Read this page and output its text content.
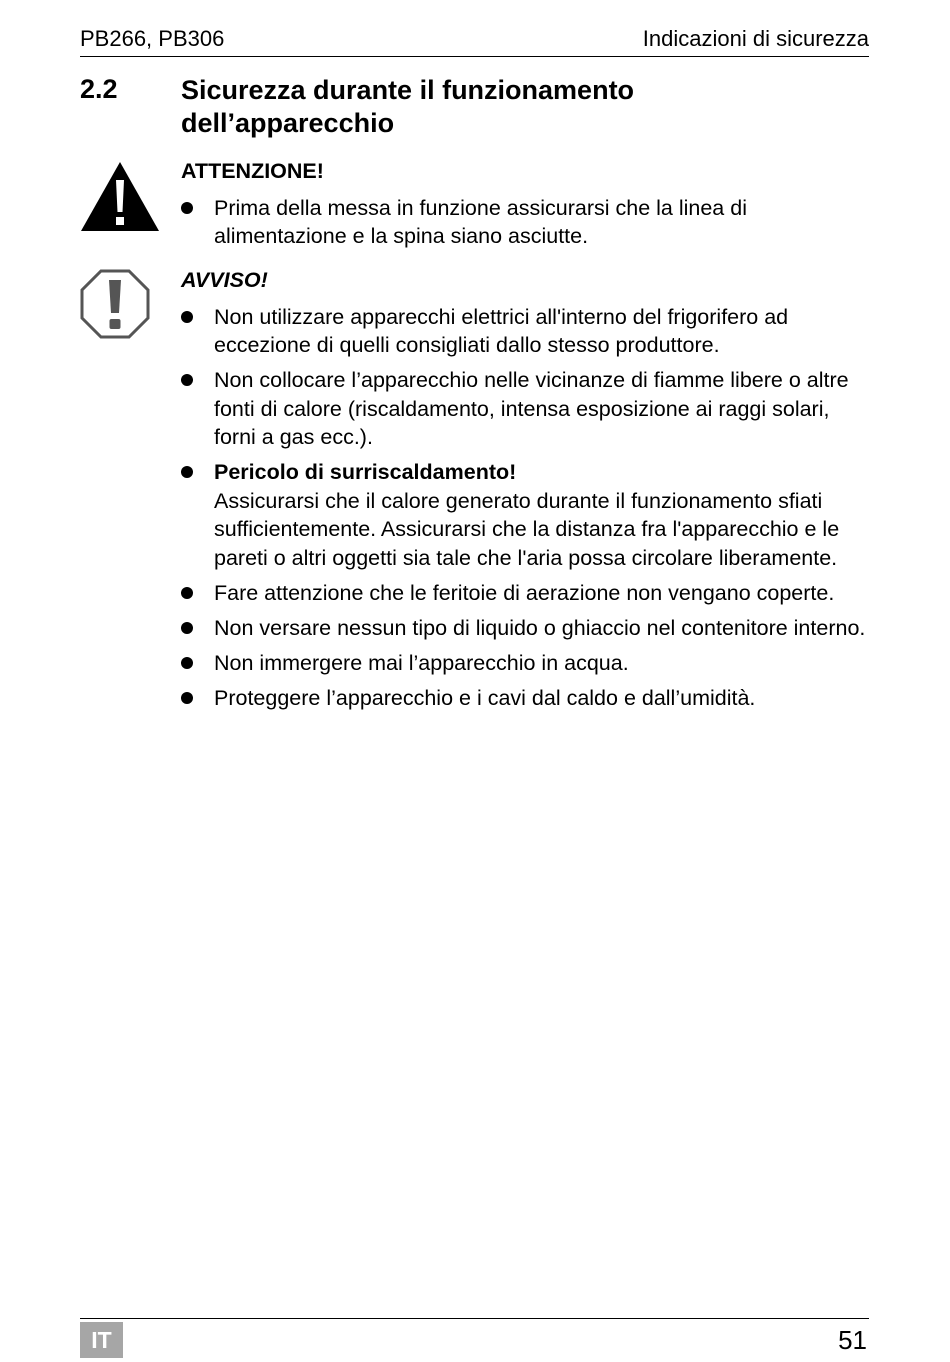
PB266, PB306	Indicazioni di sicurezza
2.2 Sicurezza durante il funzionamento dell’apparecchio
ATTENZIONE!
Prima della messa in funzione assicurarsi che la linea di alimentazione e la spina siano asciutte.
AVVISO!
Non utilizzare apparecchi elettrici all'interno del frigorifero ad eccezione di quelli consigliati dallo stesso produttore.
Non collocare l’apparecchio nelle vicinanze di fiamme libere o altre fonti di calore (riscaldamento, intensa esposizione ai raggi solari, forni a gas ecc.).
Pericolo di surriscaldamento!
Assicurarsi che il calore generato durante il funzionamento sfiati sufficientemente. Assicurarsi che la distanza fra l'apparecchio e le pareti o altri oggetti sia tale che l'aria possa circolare liberamente.
Fare attenzione che le feritoie di aerazione non vengano coperte.
Non versare nessun tipo di liquido o ghiaccio nel contenitore interno.
Non immergere mai l’apparecchio in acqua.
Proteggere l’apparecchio e i cavi dal caldo e dall’umidità.
IT	51
